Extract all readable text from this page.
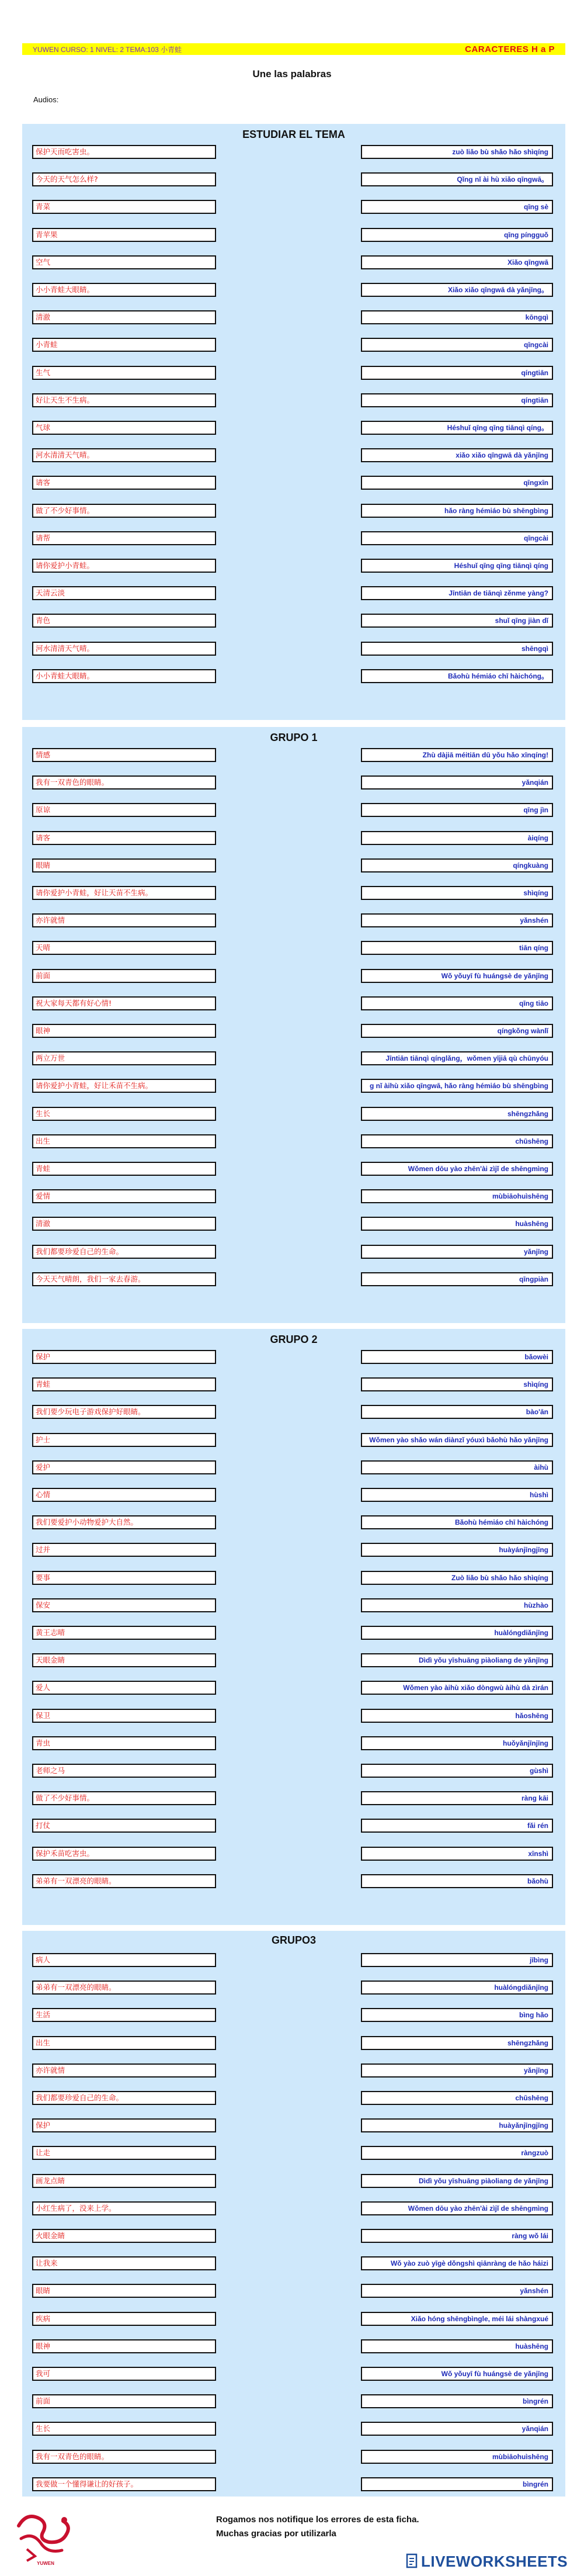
YUWEN CURSO: 1 NIVEL: 2 TEMA:103 小青蛙	CARACTERES H a P
Une las palabras
Audios:
ESTUDIAR EL TEMA
GRUPO 1
GRUPO 2
GRUPO3
YUWEN
Rogamos nos notifique los errores de esta ficha.
Muchas gracias por utilizarla
LIVEWORKSHEETS
保护天而吃害虫。	zuò liǎo bù shǎo hǎo shìqíng
今天的天气怎么样?	Qǐng nǐ ài hù xiǎo qīngwā。
青菜	qīng sè
青苹果	qīng píngguǒ
空气	Xiǎo qīngwā
小小青蛙大眼睛。	Xiǎo xiǎo qīngwā dà yǎnjīng。
清澈	kōngqì
小青蛙	qīngcài
生气	qíngtiān
好让天生不生病。	qíngtiān
气球	Héshuǐ qīng qīng tiānqì qíng。
河水清清天气晴。	xiǎo xiǎo qīngwā dà yǎnjīng
请客	qīngxīn
做了不少好事情。	hǎo ràng hémiáo bù shēngbìng
请帮	qīngcài
请你爱护小青蛙。	Héshuǐ qīng qīng tiānqì qíng
天清云淡	Jīntiān de tiānqì zěnme yàng?
青色	shuǐ qīng jiàn dǐ
河水清清天气晴。	shēngqì
小小青蛙大眼睛。	Bǎohù hémiáo chī hàichóng。
情感	Zhù dàjiā méitiān dū yǒu hǎo xīnqíng!
我有一双青色的眼睛。	yǎnqián
原谅	qīng jìn
请客	àiqíng
眼睛	qíngkuàng
请你爱护小青蛙，好让天苗不生病。	shìqíng
亦许就情	yǎnshén
天晴	tiān qíng
前面	Wǒ yǒuyī fù huángsè de yǎnjīng
祝大家每天都有好心情!	qīng tiāo
眼神	qíngkǒng wànlǐ
两立万世	Jīntiān tiānqì qínglǎng，wǒmen yījiā qù chūnyóu
请你爱护小青蛙，好让禾苗不生病。	g nǐ àihù xiǎo qīngwā, hǎo ràng hémiáo bù shēngbìng
生长	shēngzhǎng
出生	chūshēng
青蛙	Wǒmen dōu yào zhēn'ài zìjǐ de shēngmìng
爱情	mùbiāohuìshēng
清澈	huàshēng
我们都要珍爱自己的生命。	yǎnjīng
今天天气晴朗，我们一家去春游。	qīngpiàn
保护	bǎowèi
青蛙	shìqíng
我们要少玩电子游戏保护好眼睛。	bào'ān
护士	Wǒmen yào shǎo wán diànzǐ yóuxì bǎohù hǎo yǎnjīng
爱护	àihù
心情	hùshì
我们要爱护小动物爱护大自然。	Bǎohù hémiáo chī hàichóng
过并	huàyánjīngjīng
要事	Zuò liǎo bù shǎo hǎo shìqíng
保安	hùzhào
黄王志晴	huàlóngdiǎnjīng
天眼金睛	Dìdì yǒu yīshuāng piàoliang de yǎnjīng
爱人	Wǒmen yào àihù xiǎo dòngwù àihù dà zìrán
保卫	hǎoshēng
青虫	huǒyǎnjīnjīng
老师之马	gùshì
做了不少好事情。	ràng kāi
打仗	fǎi rén
保护禾苗吃害虫。	xīnshì
弟弟有一双漂亮的眼睛。	bǎohù
病人	jībìng
弟弟有一双漂亮的眼睛。	huàlóngdiǎnjīng
生活	bìng hǎo
出生	shēngzhǎng
亦许就情	yǎnjīng
我们都要珍爱自己的生命。	chūshēng
保护	huàyǎnjīngjīng
让走	ràngzuò
画龙点睛	Dìdì yǒu yīshuāng piàoliang de yǎnjīng
小红生病了，没来上学。	Wǒmen dōu yào zhēn'ài zìjǐ de shēngmìng
火眼金睛	ràng wǒ lái
让我来	Wǒ yào zuò yīgè dǒngshì qiānràng de hǎo háizi
眼睛	yǎnshén
疾病	Xiǎo hóng shēngbìngle, méi lái shàngxué
眼神	huàshēng
我可	Wǒ yǒuyī fù huángsè de yǎnjīng
前面	bìngrén
生长	yǎnqián
我有一双青色的眼睛。	mùbiāohuìshēng
我要做一个懂得谦让的好孩子。	bìngrén
